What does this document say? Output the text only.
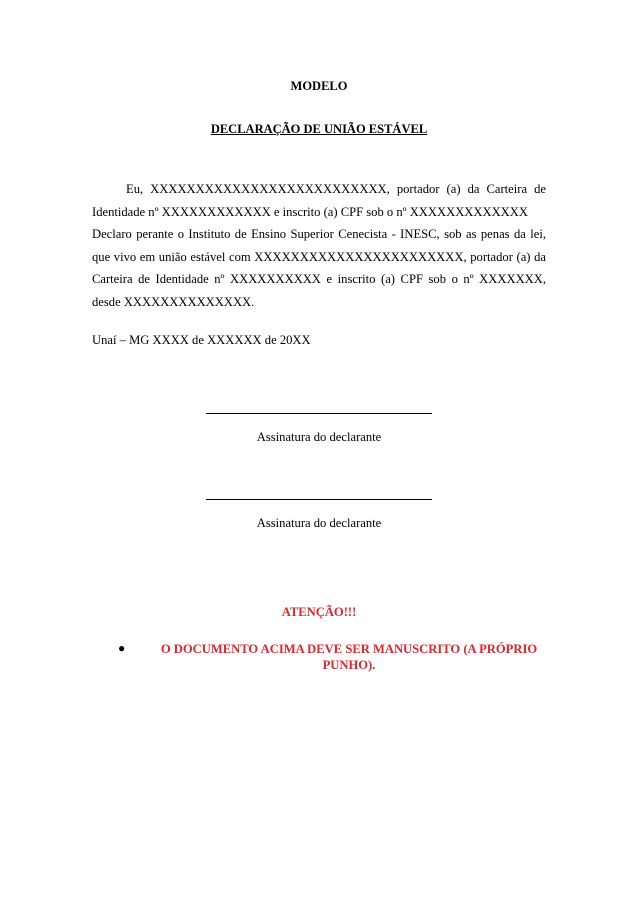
MODELO
DECLARAÇÃO DE UNIÃO ESTÁVEL

Eu, XXXXXXXXXXXXXXXXXXXXXXXXXX, portador (a) da Carteira de Identidade nº XXXXXXXXXXXX e inscrito (a) CPF sob o nº XXXXXXXXXXXXX

Declaro perante o Instituto de Ensino Superior Cenecista - INESC, sob as penas da lei, que vivo em união estável com XXXXXXXXXXXXXXXXXXXXXXX, portador (a) da Carteira de Identidade nº XXXXXXXXXX e inscrito (a) CPF sob o nº XXXXXXX, desde XXXXXXXXXXXXXX.

Unaí – MG XXXX de XXXXXX de 20XX
Assinatura do declarante
Assinatura do declarante
ATENÇÃO!!!
●	O DOCUMENTO ACIMA DEVE SER MANUSCRITO (A PRÓPRIO PUNHO).
